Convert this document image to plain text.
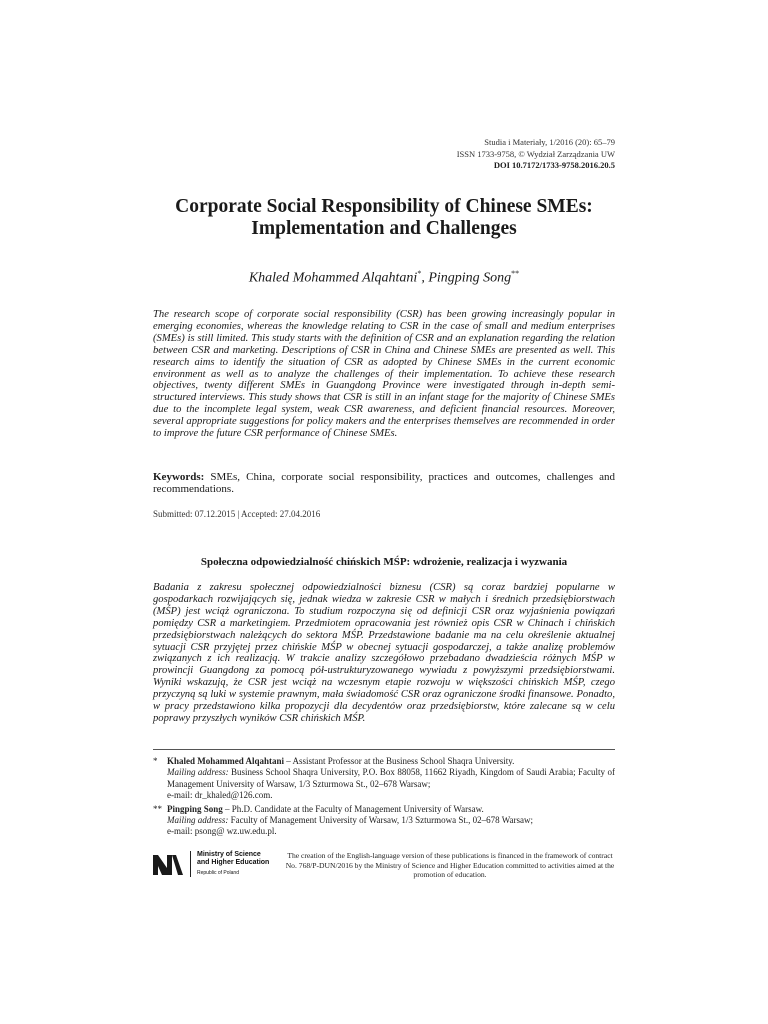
Studia i Materiały, 1/2016 (20): 65–79
ISSN 1733-9758, © Wydział Zarządzania UW
DOI 10.7172/1733-9758.2016.20.5
Corporate Social Responsibility of Chinese SMEs:
Implementation and Challenges
Khaled Mohammed Alqahtani*, Pingping Song**

The research scope of corporate social responsibility (CSR) has been growing increasingly popular in emerging economies, whereas the knowledge relating to CSR in the case of small and medium enterprises (SMEs) is still limited. This study starts with the definition of CSR and an explanation regarding the relation between CSR and marketing. Descriptions of CSR in China and Chinese SMEs are presented as well. This research aims to identify the situation of CSR as adopted by Chinese SMEs in the current economic environment as well as to analyze the challenges of their implementation. To achieve these research objectives, twenty different SMEs in Guangdong Province were investigated through in-depth semi-structured interviews. This study shows that CSR is still in an infant stage for the majority of Chinese SMEs due to the incomplete legal system, weak CSR awareness, and deficient financial resources. Moreover, several appropriate suggestions for policy makers and the enterprises themselves are recommended in order to improve the future CSR performance of Chinese SMEs.

Keywords: SMEs, China, corporate social responsibility, practices and outcomes, challenges and recommendations.

Submitted: 07.12.2015 | Accepted: 27.04.2016
Społeczna odpowiedzialność chińskich MŚP: wdrożenie, realizacja i wyzwania

Badania z zakresu społecznej odpowiedzialności biznesu (CSR) są coraz bardziej popularne w gospodarkach rozwijających się, jednak wiedza w zakresie CSR w małych i średnich przedsiębiorstwach (MŚP) jest wciąż ograniczona. To studium rozpoczyna się od definicji CSR oraz wyjaśnienia powiązań pomiędzy CSR a marketingiem. Przedmiotem opracowania jest również opis CSR w Chinach i chińskich przedsiębiorstwach należących do sektora MŚP. Przedstawione badanie ma na celu określenie aktualnej sytuacji CSR przyjętej przez chińskie MŚP w obecnej sytuacji gospodarczej, a także analizę problemów związanych z ich realizacją. W trakcie analizy szczegółowo przebadano dwadzieścia różnych MŚP w prowincji Guangdong za pomocą pół-ustrukturyzowanego wywiadu z powyższymi przedsiębiorstwami. Wyniki wskazują, że CSR jest wciąż na wczesnym etapie rozwoju w większości chińskich MŚP, czego przyczyną są luki w systemie prawnym, mała świadomość CSR oraz ograniczone środki finansowe. Ponadto, w pracy przedstawiono kilka propozycji dla decydentów oraz przedsiębiorstw, które zalecane są w celu poprawy przyszłych wyników CSR chińskich MŚP.

*	Khaled Mohammed Alqahtani – Assistant Professor at the Business School Shaqra University.
Mailing address: Business School Shaqra University, P.O. Box 88058, 11662 Riyadh, Kingdom of Saudi Arabia; Faculty of Management University of Warsaw, 1/3 Szturmowa St., 02–678 Warsaw;
e-mail: dr_khaled@126.com.
** Pingping Song – Ph.D. Candidate at the Faculty of Management University of Warsaw.
Mailing address: Faculty of Management University of Warsaw, 1/3 Szturmowa St., 02–678 Warsaw;
e-mail: psong@ wz.uw.edu.pl.
Ministry of Science
and Higher Education
Republic of Poland
The creation of the English-language version of these publications is financed in the framework of contract No. 768/P-DUN/2016 by the Ministry of Science and Higher Education committed to activities aimed at the promotion of education.
